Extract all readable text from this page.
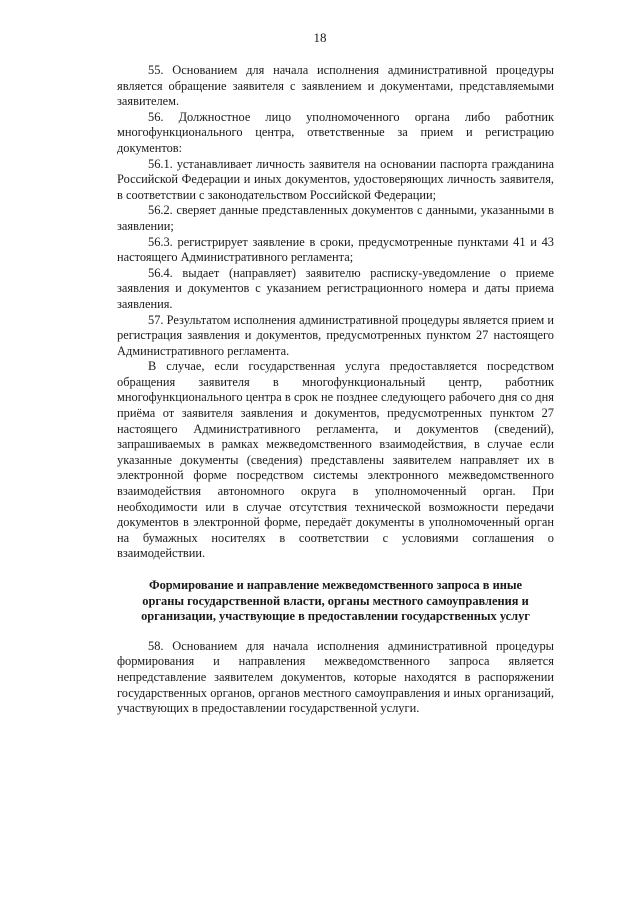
18

55. Основанием для начала исполнения административной процедуры является обращение заявителя с заявлением и документами, представляемыми заявителем.

56. Должностное лицо уполномоченного органа либо работник многофункционального центра, ответственные за прием и регистрацию документов:

56.1. устанавливает личность заявителя на основании паспорта гражданина Российской Федерации и иных документов, удостоверяющих личность заявителя, в соответствии с законодательством Российской Федерации;

56.2. сверяет данные представленных документов с данными, указанными в заявлении;

56.3. регистрирует заявление в сроки, предусмотренные пунктами 41 и 43 настоящего Административного регламента;

56.4. выдает (направляет) заявителю расписку-уведомление о приеме заявления и документов с указанием регистрационного номера и даты приема заявления.

57. Результатом исполнения административной процедуры является прием и регистрация заявления и документов, предусмотренных пунктом 27 настоящего Административного регламента.

В случае, если государственная услуга предоставляется посредством обращения заявителя в многофункциональный центр, работник многофункционального центра в срок не позднее следующего рабочего дня со дня приёма от заявителя заявления и документов, предусмотренных пунктом 27 настоящего Административного регламента, и документов (сведений), запрашиваемых в рамках межведомственного взаимодействия, в случае если указанные документы (сведения) представлены заявителем направляет их в электронной форме посредством системы электронного межведомственного взаимодействия автономного округа в уполномоченный орган. При необходимости или в случае отсутствия технической возможности передачи документов в электронной форме, передаёт документы в уполномоченный орган на бумажных носителях в соответствии с условиями соглашения о взаимодействии.

Формирование и направление межведомственного запроса в иные органы государственной власти, органы местного самоуправления и организации, участвующие в предоставлении государственных услуг

58. Основанием для начала исполнения административной процедуры формирования и направления межведомственного запроса является непредставление заявителем документов, которые находятся в распоряжении государственных органов, органов местного самоуправления и иных организаций, участвующих в предоставлении государственной услуги.
